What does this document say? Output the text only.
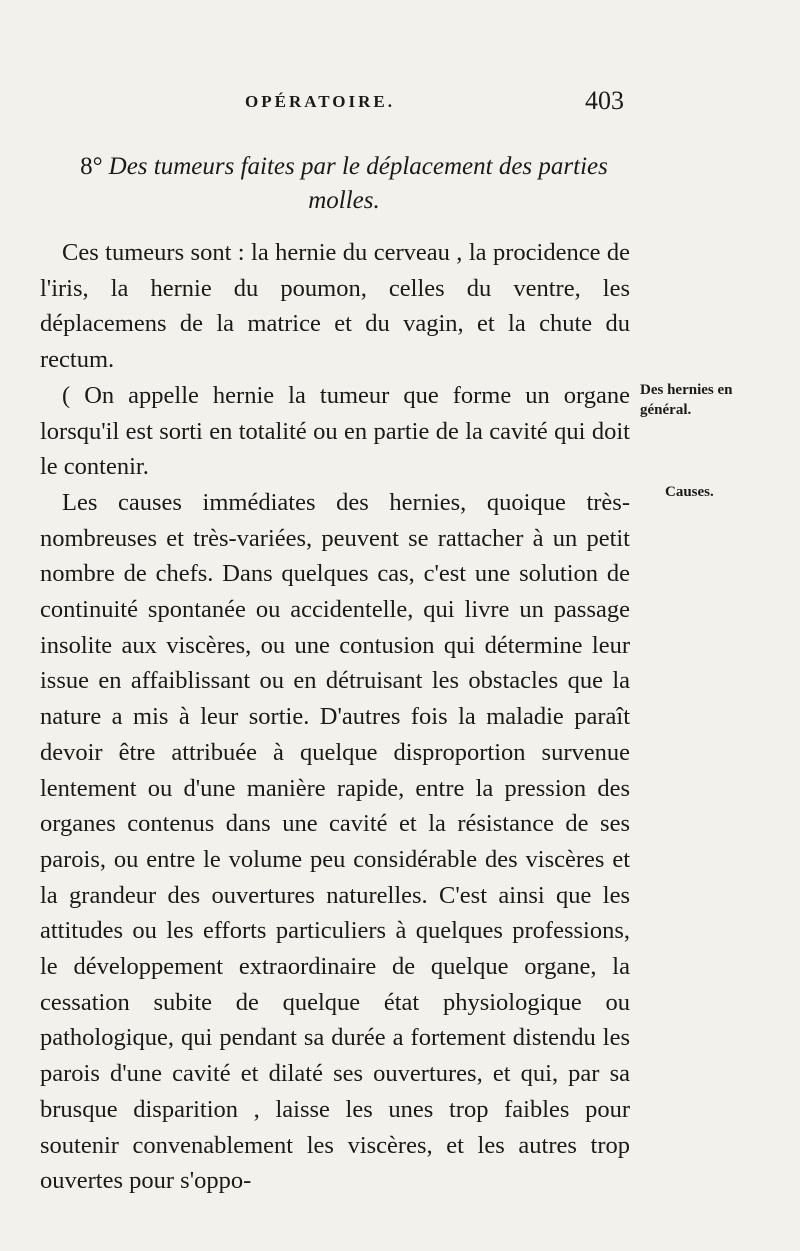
OPÉRATOIRE.	403
8° Des tumeurs faites par le déplacement des parties molles.

Ces tumeurs sont : la hernie du cerveau , la procidence de l'iris, la hernie du poumon, celles du ventre, les déplacemens de la matrice et du vagin, et la chute du rectum.

( On appelle hernie la tumeur que forme un organe lorsqu'il est sorti en totalité ou en partie de la cavité qui doit le contenir.

Les causes immédiates des hernies, quoique très-nombreuses et très-variées, peuvent se rattacher à un petit nombre de chefs. Dans quelques cas, c'est une solution de continuité spontanée ou accidentelle, qui livre un passage insolite aux viscères, ou une contusion qui détermine leur issue en affaiblissant ou en détruisant les obstacles que la nature a mis à leur sortie. D'autres fois la maladie paraît devoir être attribuée à quelque disproportion survenue lentement ou d'une manière rapide, entre la pression des organes contenus dans une cavité et la résistance de ses parois, ou entre le volume peu considérable des viscères et la grandeur des ouvertures naturelles. C'est ainsi que les attitudes ou les efforts particuliers à quelques professions, le développement extraordinaire de quelque organe, la cessation subite de quelque état physiologique ou pathologique, qui pendant sa durée a fortement distendu les parois d'une cavité et dilaté ses ouvertures, et qui, par sa brusque disparition , laisse les unes trop faibles pour soutenir convenablement les viscères, et les autres trop ouvertes pour s'oppo-

Des hernies en général.
Causes.
